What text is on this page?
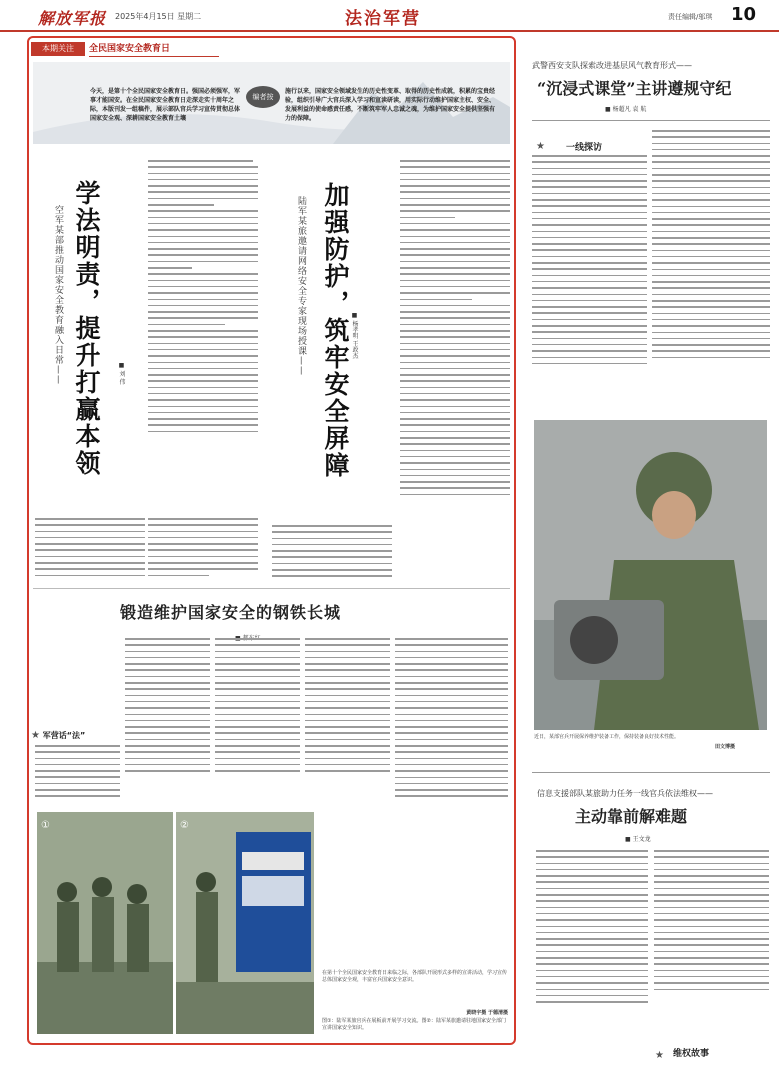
解放军报 2025年4月15日 星期二	法治军营	责任编辑/邬琪 10
本期关注	全民国家安全教育日
今天，是第十个全民国家安全教育日。强国必须强军，军事才能国安。在全民国家安全教育日走深走实十周年之际，本版刊发一组稿件，展示部队官兵学习宣传贯彻总体国家安全观、深耕国家安全教育土壤
编者按
施行以来，国家安全领域发生的历史性变革、取得的历史性成就，积累的宝贵经验，组织引导广大官兵深入学习和宣读研读，用实际行动维护国家主权、安全、发展利益的使命感责任感，不断筑牢军人忠诚之魂，为维护国家安全提供坚强有力的保障。
学法明责，提升打赢本领
空军某部推动国家安全教育融入日常——	■ 刘 伟	加强防护，筑牢安全屏障
陆军某旅邀请网络安全专家现场授课——	■ 杨孝明 王政杰
锻造维护国家安全的钢铁长城
★ 军营话“法”
①	②
在第十个全民国家安全教育日来临之际，各部队开展形式多样的宣讲活动，学习宣传总体国家安全观，丰富官兵国家安全意识。
黄晓宇摄 于德清摄
图①：陆军某旅官兵在展板前开展学习交流。图②：陆军某旅邀请驻地国家安全部门宣讲国家安全知识。
武警西安支队探索改进基层风气教育形式——
“沉浸式课堂”主讲遵规守纪
■ 杨超凡 袁 航
★ 一线探访
近日，某部官兵开展保养维护装备工作，保持装备良好技术性能。
田文博摄
信息支援部队某旅助力任务一线官兵依法维权——
主动靠前解难题
■ 王文龙
★ 维权故事
